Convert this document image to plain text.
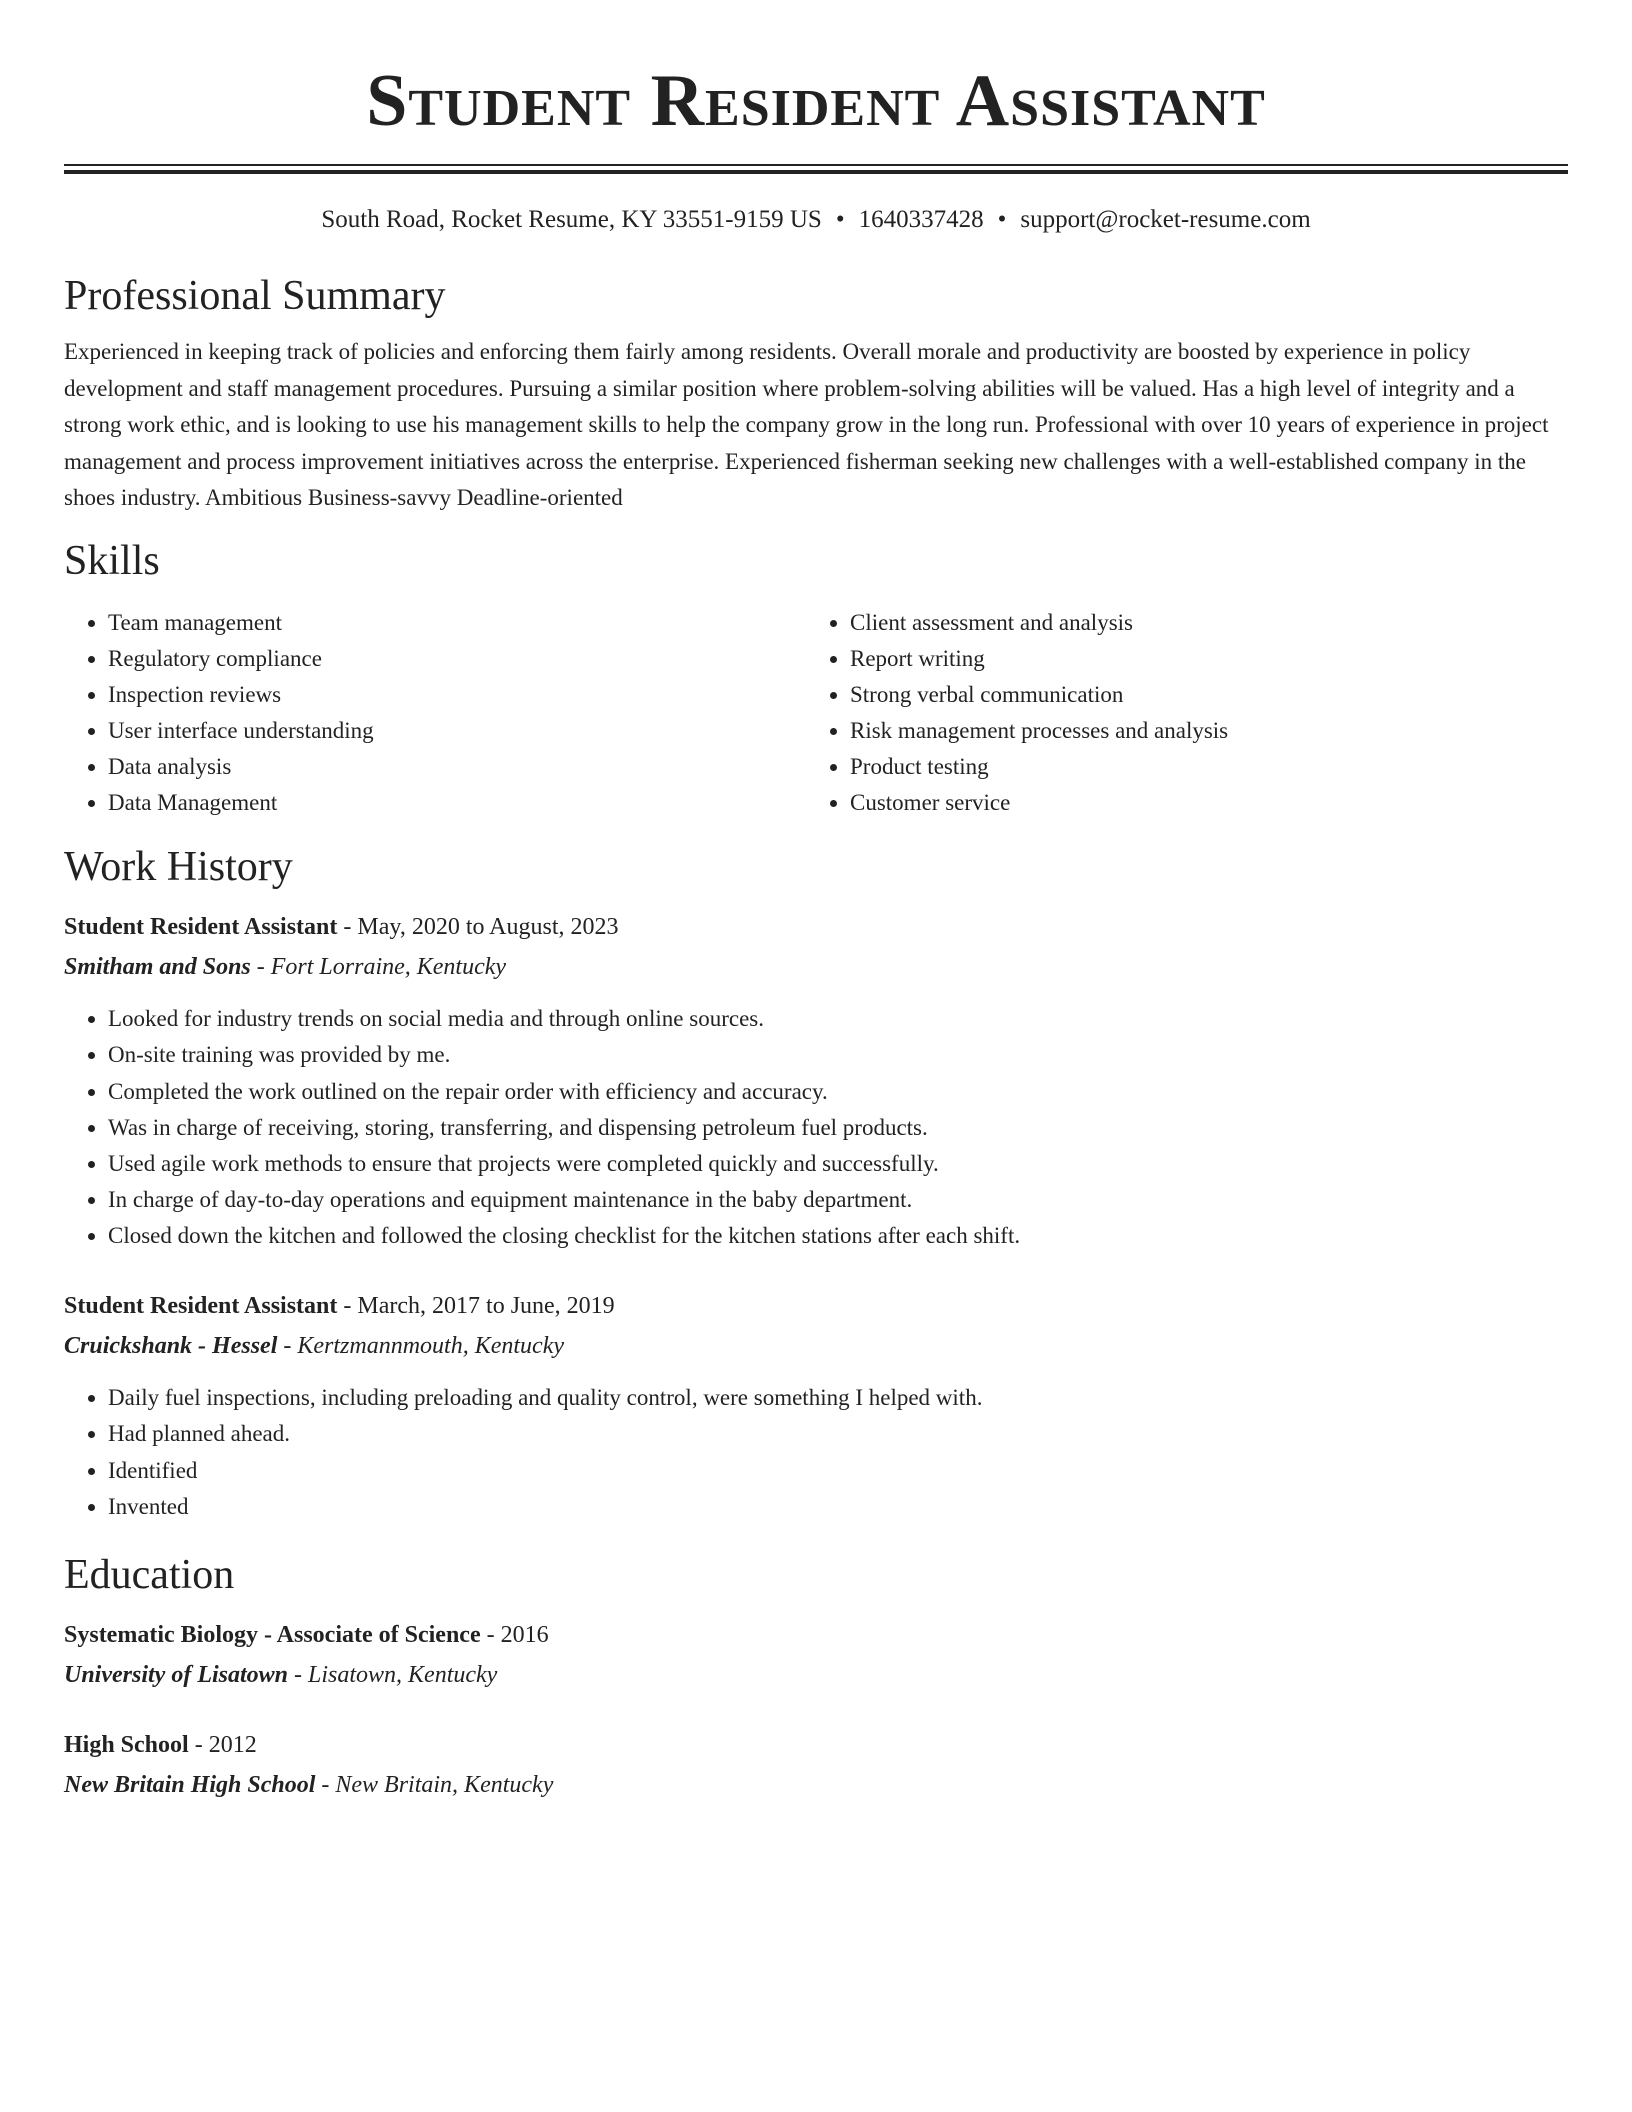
Student Resident Assistant
South Road, Rocket Resume, KY 33551-9159 US • 1640337428 • support@rocket-resume.com
Professional Summary

Experienced in keeping track of policies and enforcing them fairly among residents. Overall morale and productivity are boosted by experience in policy development and staff management procedures. Pursuing a similar position where problem-solving abilities will be valued. Has a high level of integrity and a strong work ethic, and is looking to use his management skills to help the company grow in the long run. Professional with over 10 years of experience in project management and process improvement initiatives across the enterprise. Experienced fisherman seeking new challenges with a well-established company in the shoes industry. Ambitious Business-savvy Deadline-oriented

Skills
• Team management
• Regulatory compliance
• Inspection reviews
• User interface understanding
• Data analysis
• Data Management
• Client assessment and analysis
• Report writing
• Strong verbal communication
• Risk management processes and analysis
• Product testing
• Customer service
Work History
Student Resident Assistant - May, 2020 to August, 2023
Smitham and Sons - Fort Lorraine, Kentucky
• Looked for industry trends on social media and through online sources.
• On-site training was provided by me.
• Completed the work outlined on the repair order with efficiency and accuracy.
• Was in charge of receiving, storing, transferring, and dispensing petroleum fuel products.
• Used agile work methods to ensure that projects were completed quickly and successfully.
• In charge of day-to-day operations and equipment maintenance in the baby department.
• Closed down the kitchen and followed the closing checklist for the kitchen stations after each shift.
Student Resident Assistant - March, 2017 to June, 2019
Cruickshank - Hessel - Kertzmannmouth, Kentucky
• Daily fuel inspections, including preloading and quality control, were something I helped with.
• Had planned ahead.
• Identified
• Invented
Education
Systematic Biology - Associate of Science - 2016
University of Lisatown - Lisatown, Kentucky
High School - 2012
New Britain High School - New Britain, Kentucky
